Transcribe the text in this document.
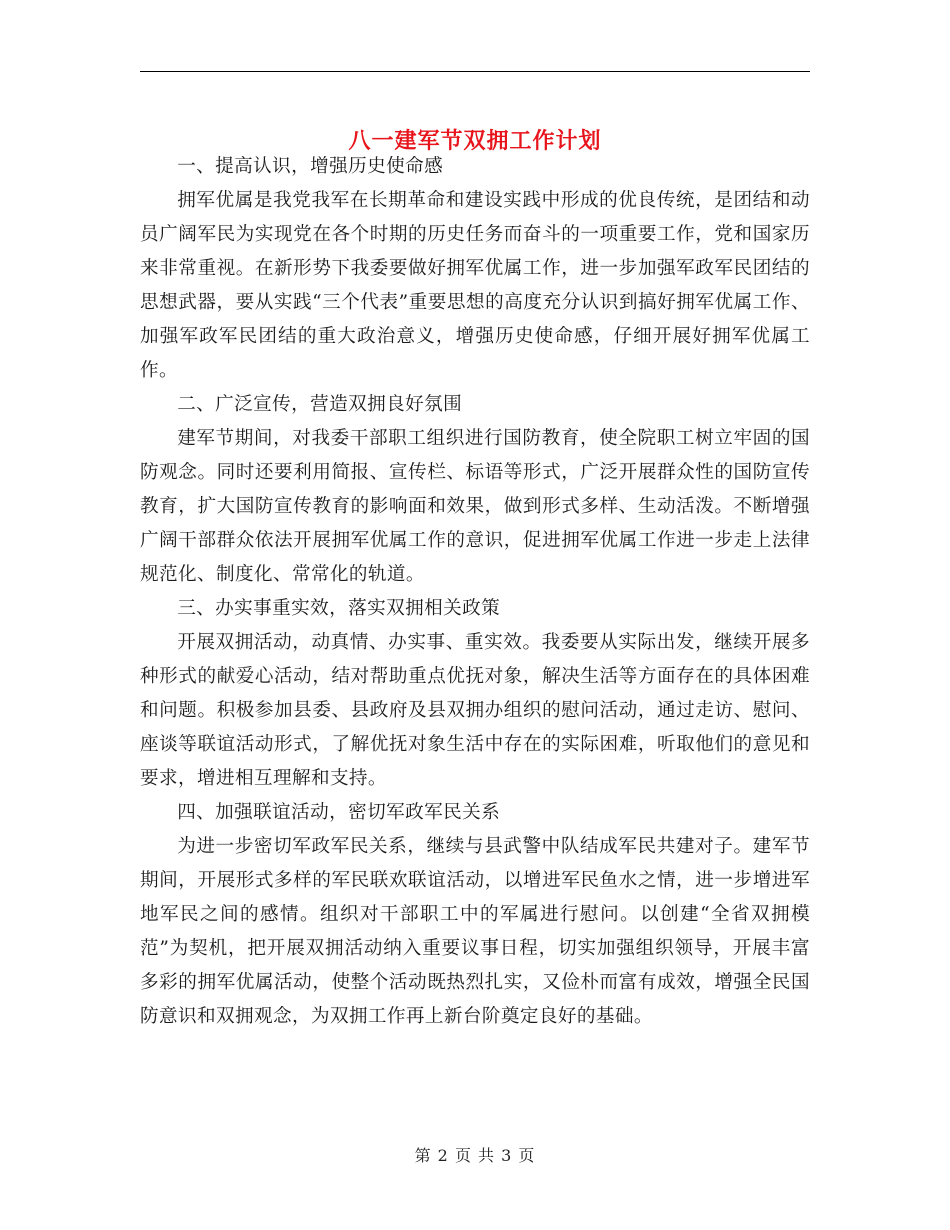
八一建军节双拥工作计划

一、提高认识，增强历史使命感

拥军优属是我党我军在长期革命和建设实践中形成的优良传统，是团结和动员广阔军民为实现党在各个时期的历史任务而奋斗的一项重要工作，党和国家历来非常重视。在新形势下我委要做好拥军优属工作，进一步加强军政军民团结的思想武器，要从实践“三个代表”重要思想的高度充分认识到搞好拥军优属工作、加强军政军民团结的重大政治意义，增强历史使命感，仔细开展好拥军优属工作。

二、广泛宣传，营造双拥良好氛围

建军节期间，对我委干部职工组织进行国防教育，使全院职工树立牢固的国防观念。同时还要利用简报、宣传栏、标语等形式，广泛开展群众性的国防宣传教育，扩大国防宣传教育的影响面和效果，做到形式多样、生动活泼。不断增强广阔干部群众依法开展拥军优属工作的意识，促进拥军优属工作进一步走上法律规范化、制度化、常常化的轨道。

三、办实事重实效，落实双拥相关政策

开展双拥活动，动真情、办实事、重实效。我委要从实际出发，继续开展多种形式的献爱心活动，结对帮助重点优抚对象，解决生活等方面存在的具体困难和问题。积极参加县委、县政府及县双拥办组织的慰问活动，通过走访、慰问、座谈等联谊活动形式，了解优抚对象生活中存在的实际困难，听取他们的意见和要求，增进相互理解和支持。

四、加强联谊活动，密切军政军民关系

为进一步密切军政军民关系，继续与县武警中队结成军民共建对子。建军节期间，开展形式多样的军民联欢联谊活动，以增进军民鱼水之情，进一步增进军地军民之间的感情。组织对干部职工中的军属进行慰问。以创建“全省双拥模范”为契机，把开展双拥活动纳入重要议事日程，切实加强组织领导，开展丰富多彩的拥军优属活动，使整个活动既热烈扎实，又俭朴而富有成效，增强全民国防意识和双拥观念，为双拥工作再上新台阶奠定良好的基础。

第 2 页 共 3 页
